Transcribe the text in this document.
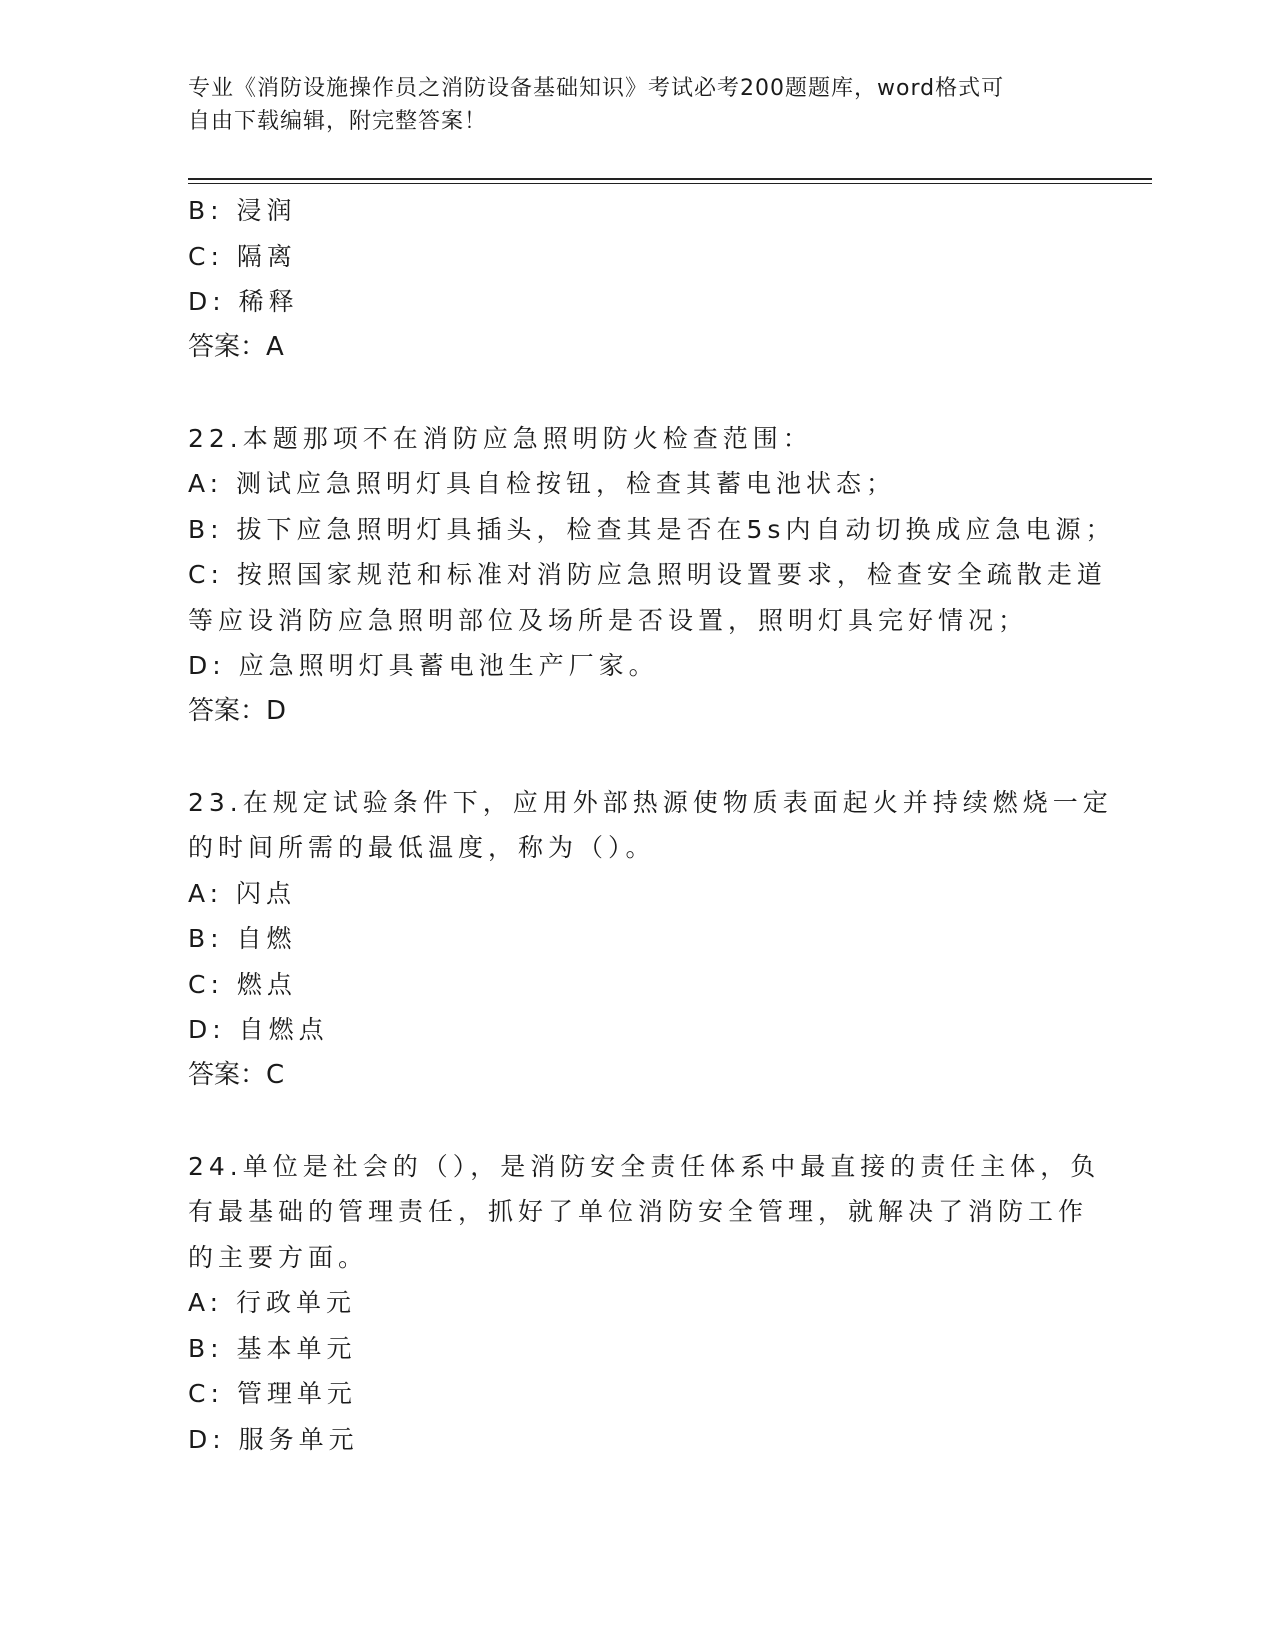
专业《消防设施操作员之消防设备基础知识》考试必考200题题库，word格式可
自由下载编辑，附完整答案！
B: 浸润
C: 隔离
D: 稀释
答案：A
22.本题那项不在消防应急照明防火检查范围：
A: 测试应急照明灯具自检按钮，检查其蓄电池状态；
B: 拔下应急照明灯具插头，检查其是否在5s内自动切换成应急电源；
C: 按照国家规范和标准对消防应急照明设置要求，检查安全疏散走道
等应设消防应急照明部位及场所是否设置，照明灯具完好情况；
D: 应急照明灯具蓄电池生产厂家。
答案：D
23.在规定试验条件下，应用外部热源使物质表面起火并持续燃烧一定
的时间所需的最低温度，称为（）。
A: 闪点
B: 自燃
C: 燃点
D: 自燃点
答案：C
24.单位是社会的（），是消防安全责任体系中最直接的责任主体，负
有最基础的管理责任，抓好了单位消防安全管理，就解决了消防工作
的主要方面。
A: 行政单元
B: 基本单元
C: 管理单元
D: 服务单元
